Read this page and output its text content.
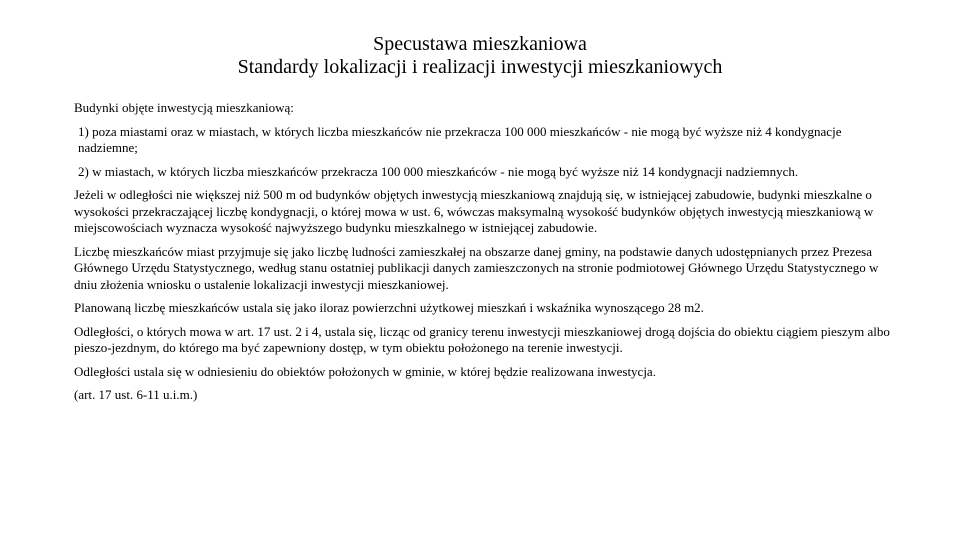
Specustawa mieszkaniowa
Standardy lokalizacji i realizacji inwestycji mieszkaniowych

Budynki objęte inwestycją mieszkaniową:

1) poza miastami oraz w miastach, w których liczba mieszkańców nie przekracza 100 000 mieszkańców - nie mogą być wyższe niż 4 kondygnacje nadziemne;

2) w miastach, w których liczba mieszkańców przekracza 100 000 mieszkańców - nie mogą być wyższe niż 14 kondygnacji nadziemnych.

Jeżeli w odległości nie większej niż 500 m od budynków objętych inwestycją mieszkaniową znajdują się, w istniejącej zabudowie, budynki mieszkalne o wysokości przekraczającej liczbę kondygnacji, o której mowa w ust. 6, wówczas maksymalną wysokość budynków objętych inwestycją mieszkaniową w miejscowościach wyznacza wysokość najwyższego budynku mieszkalnego w istniejącej zabudowie.

Liczbę mieszkańców miast przyjmuje się jako liczbę ludności zamieszkałej na obszarze danej gminy, na podstawie danych udostępnianych przez Prezesa Głównego Urzędu Statystycznego, według stanu ostatniej publikacji danych zamieszczonych na stronie podmiotowej Głównego Urzędu Statystycznego w dniu złożenia wniosku o ustalenie lokalizacji inwestycji mieszkaniowej.

Planowaną liczbę mieszkańców ustala się jako iloraz powierzchni użytkowej mieszkań i wskaźnika wynoszącego 28 m2.

Odległości, o których mowa w art. 17 ust. 2 i 4, ustala się, licząc od granicy terenu inwestycji mieszkaniowej drogą dojścia do obiektu ciągiem pieszym albo pieszo-jezdnym, do którego ma być zapewniony dostęp, w tym obiektu położonego na terenie inwestycji.

Odległości ustala się w odniesieniu do obiektów położonych w gminie, w której będzie realizowana inwestycja.

(art. 17 ust. 6-11 u.i.m.)
